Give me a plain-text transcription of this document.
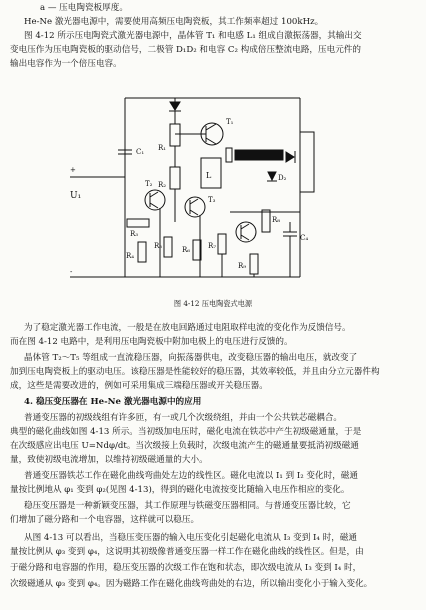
a — 压电陶瓷板厚度。

He-Ne 激光器电源中，需要使用高频压电陶瓷板，其工作频率超过 100kHz。

图 4-12 所示压电陶瓷式激光器电源中，晶体管 T₁ 和电感 L₁ 组成自激振荡器，其输出交

变电压作为压电陶瓷板的驱动信号，二极管 D₁D₂ 和电容 C₂ 构成倍压整流电路，压电元件的

输出电容作为一个倍压电容。

C₁ R₁
R₂
T₁
L	D₂
U₁
+
-
T₂
T₃
R₃
R₄
R₅	R₆	R₇
R₈
R₉
C₄
图 4-12 压电陶瓷式电源

为了稳定激光器工作电流，一般是在放电回路通过电阻取样电流的变化作为反馈信号。

而在图 4-12 电路中，是利用压电陶瓷板中附加电极上的电压进行反馈的。

晶体管 T₂～T₅ 等组成一直流稳压器，向振荡器供电，改变稳压器的输出电压，就改变了

加到压电陶瓷板上的驱动电压。该稳压器是性能较好的稳压器，其效率较低，并且由分立元器件构

成，这些是需要改进的，例如可采用集成三端稳压器或开关稳压器。

4. 稳压变压器在 He-Ne 激光器电源中的应用

普通变压器的初级线组有许多匝，有一或几个次级绕组，并由一个公共铁芯磁耦合。

典型的磁化曲线如图 4-13 所示。当初级加电压时，磁化电流在铁芯中产生初级磁通量，于是

在次级感应出电压 U=Ndφ/dt。当次级接上负载时，次级电流产生的磁通量要抵消初级磁通

量，致使初级电流增加，以维持初级磁通量的大小。

普通变压器铁芯工作在磁化曲线弯曲处左边的线性区。磁化电流以 I₁ 到 I₂ 变化时，磁通

量按比例地从 φ₁ 变到 φ₂(见图 4-13)，得到的磁化电流按变比随输入电压作相应的变化。

稳压变压器是一种新颖变压器，其工作原理与铁磁变压器相同。与普通变压器比较，它

们增加了磁分路和一个电容器，这样就可以稳压。

从图 4-13 可以看出，当稳压变压器的输入电压变化引起磁化电流从 I₃ 变到 I₄ 时，磁通

量按比例从 φ₃ 变到 φ₄，这说明其初级像普通变压器一样工作在磁化曲线的线性区。但是，由

于磁分路和电容器的作用，稳压变压器的次级工作在饱和状态，即次级电流从 I₃ 变到 I₄ 时，

次级磁通从 φ₃ 变到 φ₄。因为磁路工作在磁化曲线弯曲处的右边，所以输出变化小于输入变化。
